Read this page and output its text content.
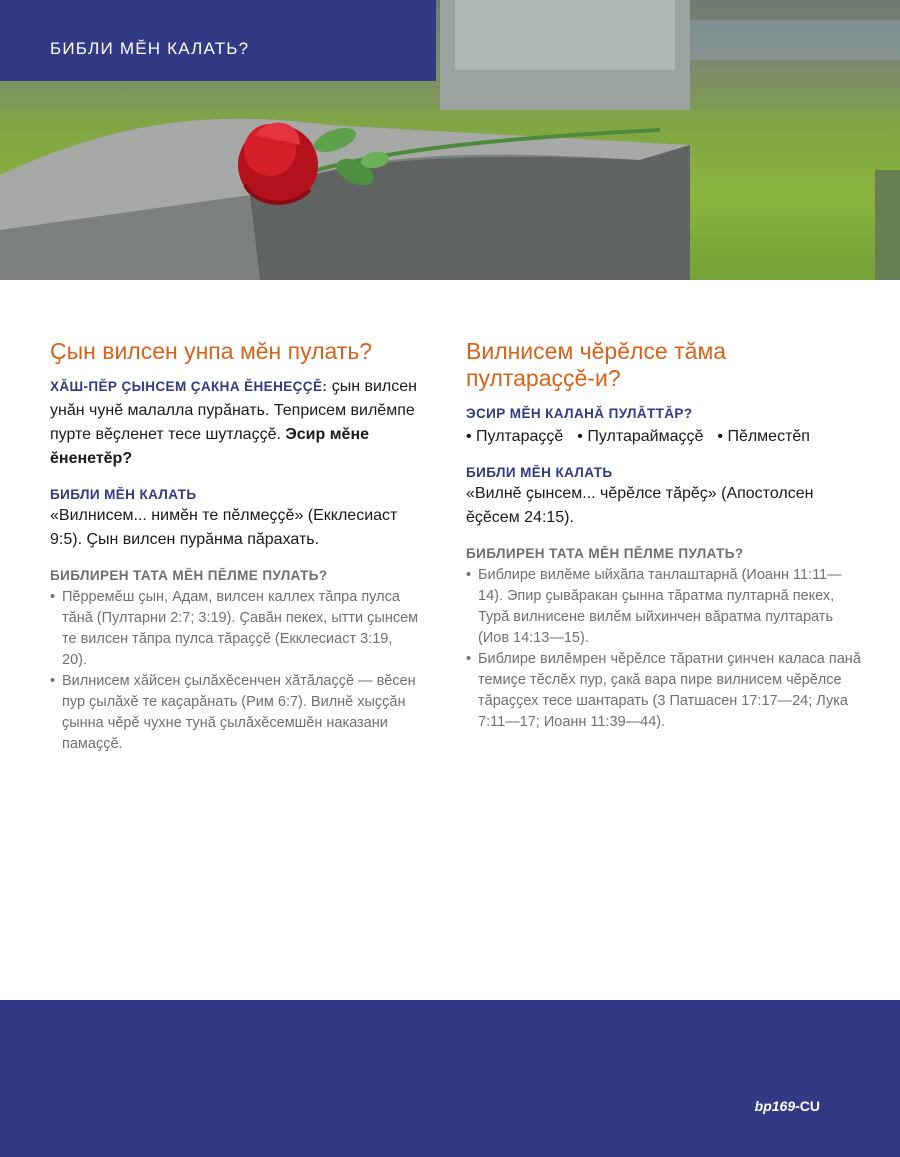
БИБЛИ МӖН КАЛАТЬ?
Ҫын вилсен унпа мӗн пулать?
ХӐШ-ПӖР ҪЫНСЕМ ҪАКНА ӖНЕНЕҪҪӖ: ҫын вилсен унӑн чунӗ малалла пурӑнать. Теприсем вилӗмпе пурте вӗҫленет тесе шутлаҫҫӗ. Эсир мӗне ӗненетӗр?
БИБЛИ МӖН КАЛАТЬ
«Вилнисем... нимӗн те пӗлмеҫҫӗ» (Екклесиаст 9:5). Ҫын вилсен пурӑнма пӑрахать.
БИБЛИРЕН ТАТА МӖН ПӖЛМЕ ПУЛАТЬ?
• Пӗрремӗш ҫын, Адам, вилсен каллех тӑпра пулса тӑнӑ (Пултарни 2:7; 3:19). Ҫавӑн пекех, ытти ҫынсем те вилсен тӑпра пулса тӑраҫҫӗ (Екклесиаст 3:19, 20).
• Вилнисем хӑйсен ҫылӑхӗсенчен хӑтӑлаҫҫӗ — вӗсен пур ҫылӑхӗ те каҫарӑнать (Рим 6:7). Вилнӗ хыҫҫӑн ҫынна чӗрӗ чухне тунӑ ҫылӑхӗсемшӗн наказани памаҫҫӗ.
Вилнисем чӗрӗлсе тӑма пултараҫҫӗ-и?
ЭСИР МӖН КАЛАНӐ ПУЛӐТТӐР?
• Пултараҫҫӗ	• Пултараймаҫҫӗ	• Пӗлместӗп
БИБЛИ МӖН КАЛАТЬ
«Вилнӗ ҫынсем... чӗрӗлсе тӑрӗҫ» (Апостолсен ӗҫӗсем 24:15).
БИБЛИРЕН ТАТА МӖН ПӖЛМЕ ПУЛАТЬ?
• Библире вилӗме ыйхӑпа танлаштарнӑ (Иоанн 11:11—14). Эпир ҫывӑракан ҫынна тӑратма пултарнӑ пекех, Турӑ вилнисене вилӗм ыйхинчен вӑратма пултарать (Иов 14:13—15).
• Библире вилӗмрен чӗрӗлсе тӑратни ҫинчен каласа панӑ темиҫе тӗслӗх пур, ҫакӑ вара пире вилнисем чӗрӗлсе тӑраҫҫех тесе шантарать (3 Патшасен 17:17—24; Лука 7:11—17; Иоанн 11:39—44).
bp169-CU
